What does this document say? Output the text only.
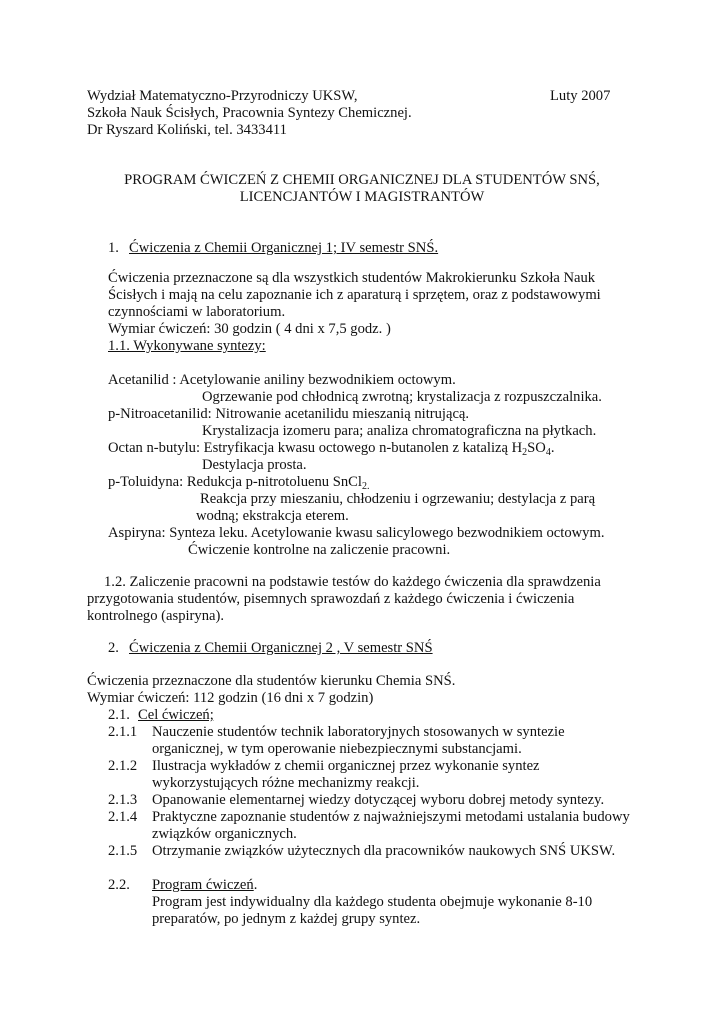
Wydział Matematyczno-Przyrodniczy UKSW,	Luty 2007
Szkoła Nauk Ścisłych, Pracownia Syntezy Chemicznej.
Dr Ryszard Koliński, tel. 3433411
PROGRAM ĆWICZEŃ Z CHEMII ORGANICZNEJ DLA STUDENTÓW SNŚ,
LICENCJANTÓW I MAGISTRANTÓW
1. Ćwiczenia z Chemii Organicznej 1; IV semestr SNŚ.
Ćwiczenia przeznaczone są dla wszystkich studentów Makrokierunku Szkoła Nauk
Ścisłych i mają na celu zapoznanie ich z aparaturą i sprzętem, oraz z podstawowymi
czynnościami w laboratorium.
Wymiar ćwiczeń: 30 godzin ( 4 dni x 7,5 godz. )
1.1. Wykonywane syntezy:
Acetanilid : Acetylowanie aniliny bezwodnikiem octowym.
Ogrzewanie pod chłodnicą zwrotną; krystalizacja z rozpuszczalnika.
p-Nitroacetanilid: Nitrowanie acetanilidu mieszanią nitrującą.
Krystalizacja izomeru para; analiza chromatograficzna na płytkach.
Octan n-butylu: Estryfikacja kwasu octowego n-butanolen z katalizą $H_2SO_4$.
Destylacja prosta.
p-Toluidyna: Redukcja p-nitrotoluenu SnCl$_{2.}$
Reakcja przy mieszaniu, chłodzeniu i ogrzewaniu; destylacja z parą
wodną; ekstrakcja eterem.
Aspiryna: Synteza leku. Acetylowanie kwasu salicylowego bezwodnikiem octowym.
Ćwiczenie kontrolne na zaliczenie pracowni.
1.2. Zaliczenie pracowni na podstawie testów do każdego ćwiczenia dla sprawdzenia
przygotowania studentów, pisemnych sprawozdań z każdego ćwiczenia i ćwiczenia
kontrolnego (aspiryna).
2. Ćwiczenia z Chemii Organicznej 2 , V semestr SNŚ
Ćwiczenia przeznaczone dla studentów kierunku Chemia SNŚ.
Wymiar ćwiczeń: 112 godzin (16 dni x 7 godzin)
2.1. Cel ćwiczeń;
2.1.1 Nauczenie studentów technik laboratoryjnych stosowanych w syntezie
organicznej, w tym operowanie niebezpiecznymi substancjami.
2.1.2 Ilustracja wykładów z chemii organicznej przez wykonanie syntez
wykorzystujących różne mechanizmy reakcji.
2.1.3 Opanowanie elementarnej wiedzy dotyczącej wyboru dobrej metody syntezy.
2.1.4 Praktyczne zapoznanie studentów z najważniejszymi metodami ustalania budowy
związków organicznych.
2.1.5 Otrzymanie związków użytecznych dla pracowników naukowych SNŚ UKSW.
2.2. Program ćwiczeń.
Program jest indywidualny dla każdego studenta obejmuje wykonanie 8-10
preparatów, po jednym z każdej grupy syntez.
